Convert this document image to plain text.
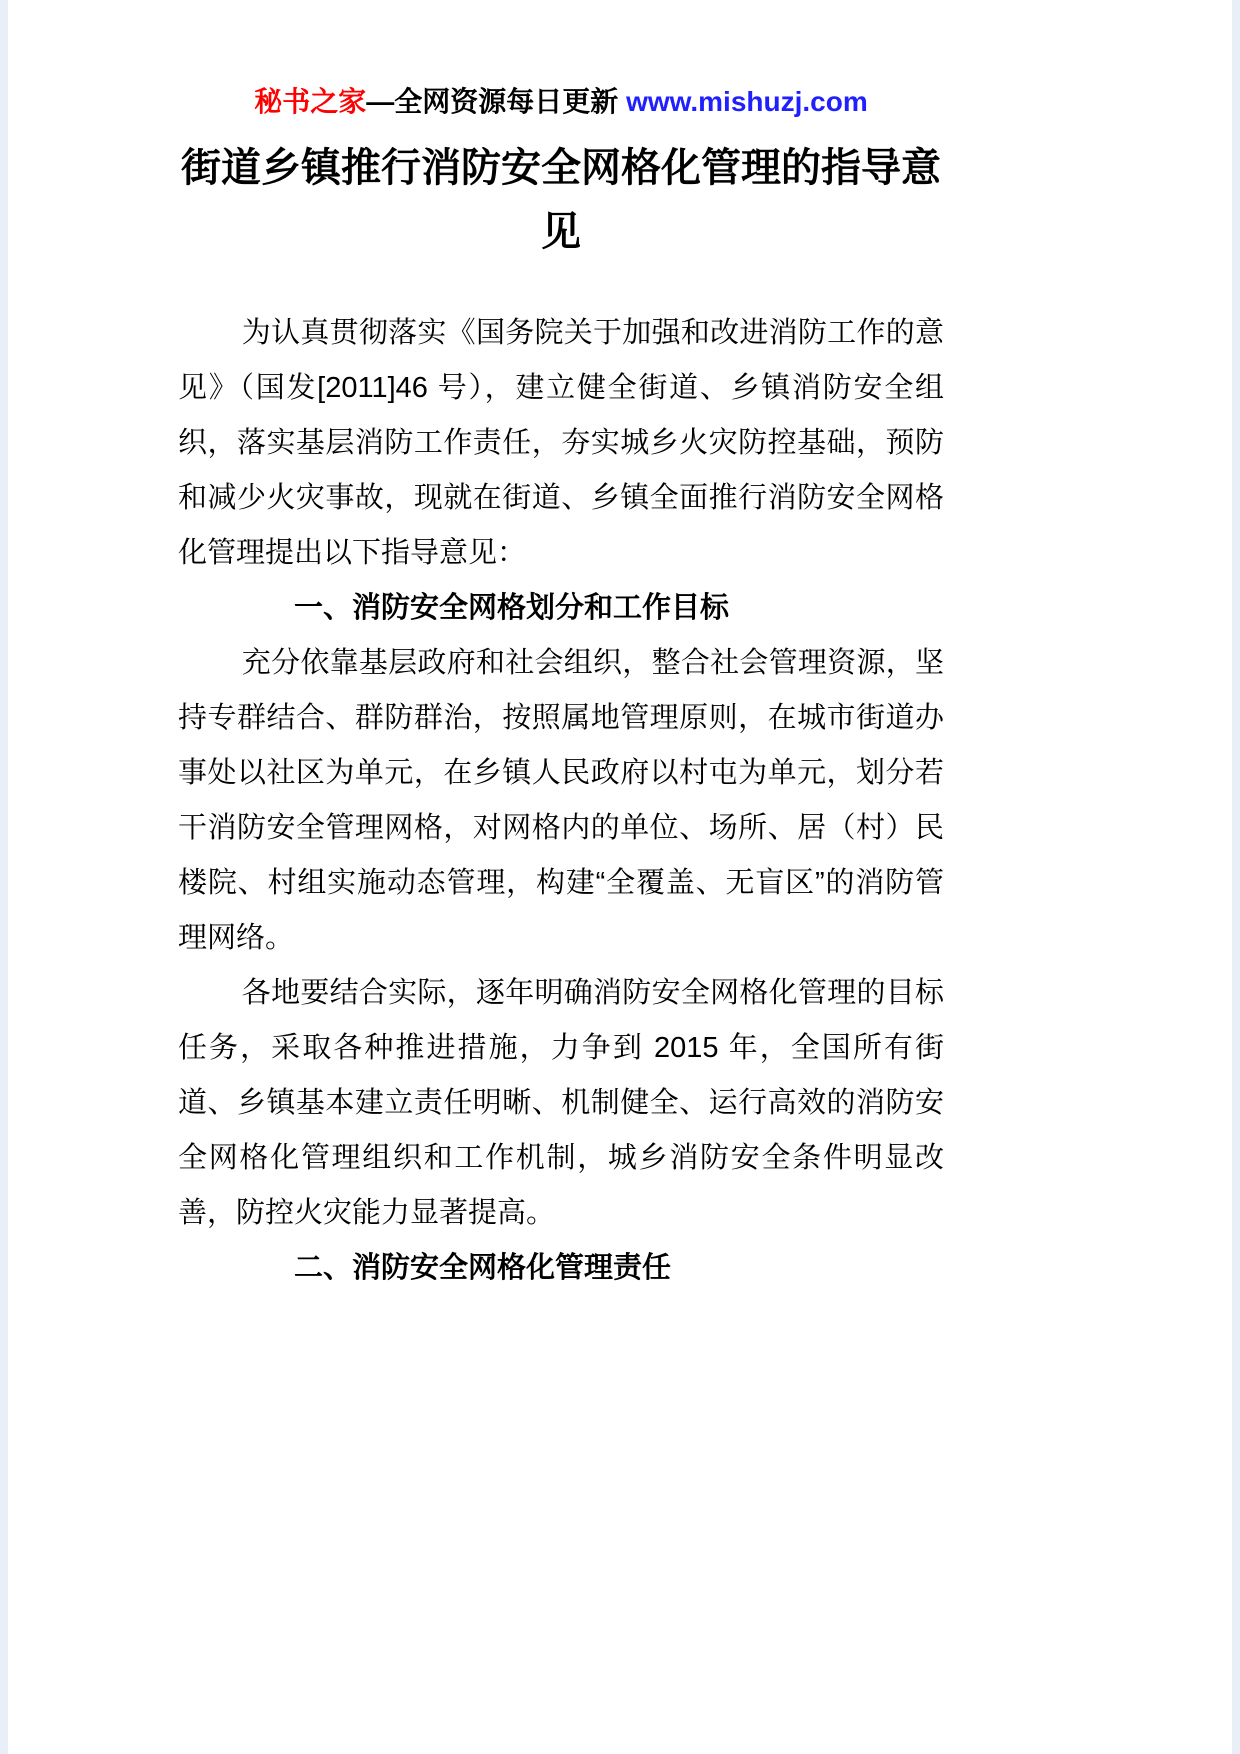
秘书之家—全网资源每日更新 www.mishuzj.com
街道乡镇推行消防安全网格化管理的指导意见

为认真贯彻落实《国务院关于加强和改进消防工作的意见》（国发[2011]46 号），建立健全街道、乡镇消防安全组织，落实基层消防工作责任，夯实城乡火灾防控基础，预防和减少火灾事故，现就在街道、乡镇全面推行消防安全网格化管理提出以下指导意见：

一、消防安全网格划分和工作目标

充分依靠基层政府和社会组织，整合社会管理资源，坚持专群结合、群防群治，按照属地管理原则，在城市街道办事处以社区为单元，在乡镇人民政府以村屯为单元，划分若干消防安全管理网格，对网格内的单位、场所、居（村）民楼院、村组实施动态管理，构建“全覆盖、无盲区”的消防管理网络。

各地要结合实际，逐年明确消防安全网格化管理的目标任务，采取各种推进措施，力争到 2015 年，全国所有街道、乡镇基本建立责任明晰、机制健全、运行高效的消防安全网格化管理组织和工作机制，城乡消防安全条件明显改善，防控火灾能力显著提高。

二、消防安全网格化管理责任
